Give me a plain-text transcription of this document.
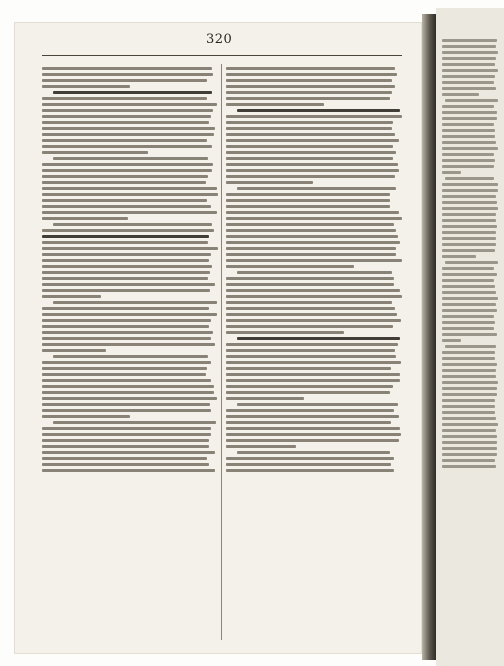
320
